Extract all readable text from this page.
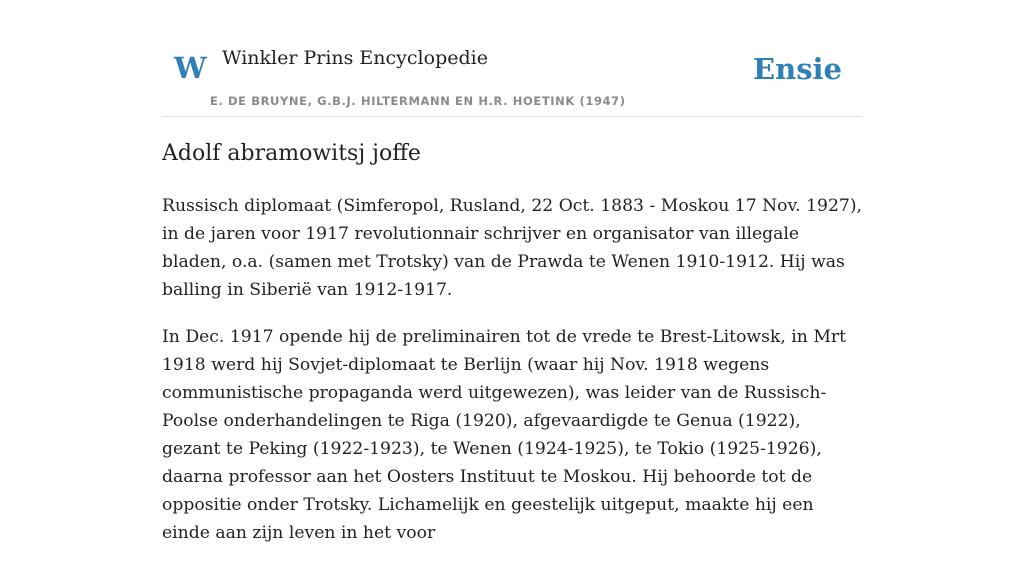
W Winkler Prins Encyclopedie
E. DE BRUYNE, G.B.J. HILTERMANN EN H.R. HOETINK (1947)
Ensie
Adolf abramowitsj joffe

Russisch diplomaat (Simferopol, Rusland, 22 Oct. 1883 - Moskou 17 Nov. 1927), in de jaren voor 1917 revolutionnair schrijver en organisator van illegale bladen, o.a. (samen met Trotsky) van de Prawda te Wenen 1910-1912. Hij was balling in Siberië van 1912-1917.

In Dec. 1917 opende hij de preliminairen tot de vrede te Brest-Litowsk, in Mrt 1918 werd hij Sovjet-diplomaat te Berlijn (waar hij Nov. 1918 wegens communistische propaganda werd uitgewezen), was leider van de Russisch-Poolse onderhandelingen te Riga (1920), afgevaardigde te Genua (1922), gezant te Peking (1922-1923), te Wenen (1924-1925), te Tokio (1925-1926), daarna professor aan het Oosters Instituut te Moskou. Hij behoorde tot de oppositie onder Trotsky. Lichamelijk en geestelijk uitgeput, maakte hij een einde aan zijn leven in het voor
